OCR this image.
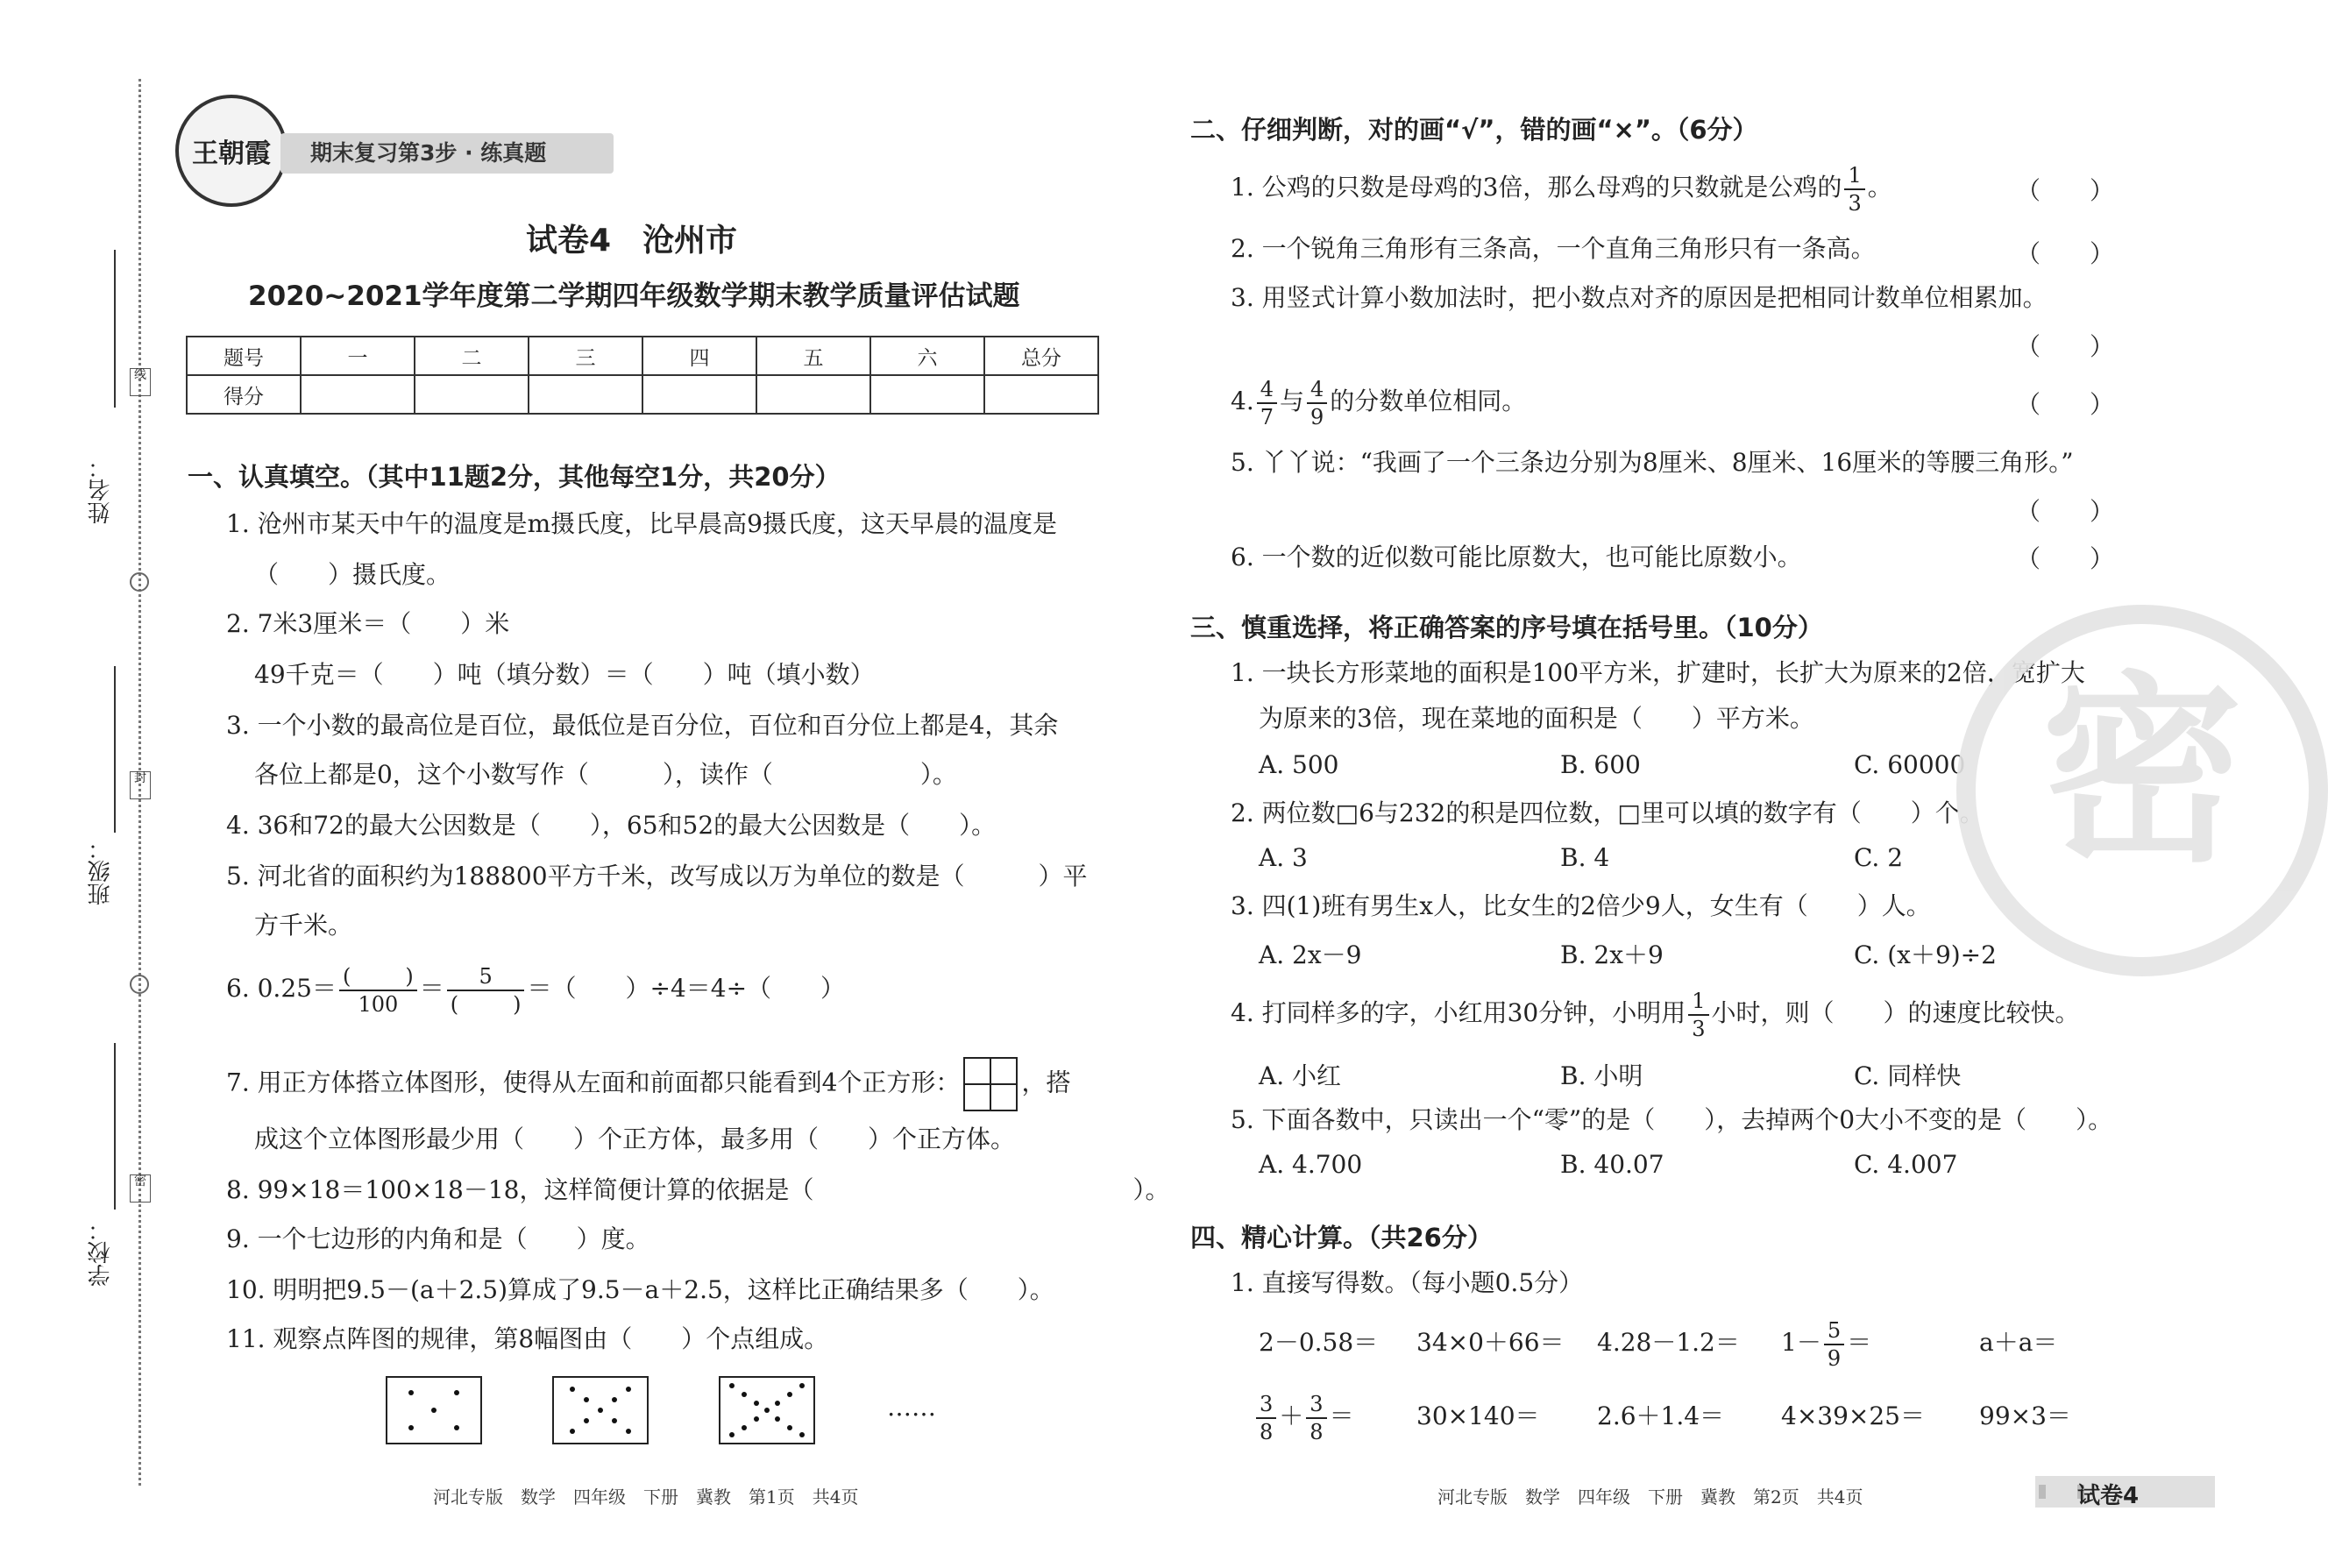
姓名：
班级：
学校：
线
封
密
王朝霞	期末复习第3步 · 练真题
试卷4　沧州市
2020~2021学年度第二学期四年级数学期末教学质量评估试题
题号	一	二	三	四	五	六	总分
得分							
一、认真填空。（其中11题2分，其他每空1分，共20分）
1. 沧州市某天中午的温度是m摄氏度，比早晨高9摄氏度，这天早晨的温度是
（　　）摄氏度。
2. 7米3厘米＝（　　）米
49千克＝（　　）吨（填分数）＝（　　）吨（填小数）
3. 一个小数的最高位是百位，最低位是百分位，百位和百分位上都是4，其余
各位上都是0，这个小数写作（　　　），读作（　　　　　　）。
4. 36和72的最大公因数是（　　），65和52的最大公因数是（　　）。
5. 河北省的面积约为188800平方千米，改写成以万为单位的数是（　　　）平
方千米。
6. 0.25＝ (	)
100 ＝ 5
(	) ＝（　　）÷4＝4÷（　　）
7. 用正方体搭立体图形，使得从左面和前面都只能看到4个正方形：	，搭
成这个立体图形最少用（　　）个正方体，最多用（　　）个正方体。
8. 99×18＝100×18－18，这样简便计算的依据是（　　　　　　　　　　　　　）。
9. 一个七边形的内角和是（　　）度。
10. 明明把9.5－(a＋2.5)算成了9.5－a＋2.5，这样比正确结果多（　　）。
11. 观察点阵图的规律，第8幅图由（　　）个点组成。
……
二、仔细判断，对的画“√”，错的画“×”。（6分）
1. 公鸡的只数是母鸡的3倍，那么母鸡的只数就是公鸡的 $\frac{1}{3}$ 。	（　　）
2. 一个锐角三角形有三条高，一个直角三角形只有一条高。	（　　）
3. 用竖式计算小数加法时，把小数点对齐的原因是把相同计数单位相累加。
（　　）
4. $\frac{4}{7}$ 与 $\frac{4}{9}$ 的分数单位相同。	（　　）
5. 丫丫说：“我画了一个三条边分别为8厘米、8厘米、16厘米的等腰三角形。”
（　　）
6. 一个数的近似数可能比原数大，也可能比原数小。	（　　）
三、慎重选择，将正确答案的序号填在括号里。（10分）
1. 一块长方形菜地的面积是100平方米，扩建时，长扩大为原来的2倍，宽扩大
为原来的3倍，现在菜地的面积是（　　）平方米。
A. 500	B. 600	C. 60000
2. 两位数□6与232的积是四位数，□里可以填的数字有（　　）个。
A. 3	B. 4	C. 2
3. 四(1)班有男生x人，比女生的2倍少9人，女生有（　　）人。
A. 2x－9	B. 2x＋9	C. (x＋9)÷2
4. 打同样多的字，小红用30分钟，小明用 $\frac{1}{3}$ 小时，则（　　）的速度比较快。
A. 小红	B. 小明	C. 同样快
5. 下面各数中，只读出一个“零”的是（　　），去掉两个0大小不变的是（　　）。
A. 4.700	B. 40.07	C. 4.007
四、精心计算。（共26分）
1. 直接写得数。（每小题0.5分）
$2-0.58= 34\times 0+66= 4.28-1.2= 1- \frac{5}{9}$ ＝	a＋a＝
$\frac{3}{8} + \frac{3}{8}$ ＝	30×140＝ 2.6＋1.4＝ 4×39×25＝ 99×3＝
密
河北专版　数学　四年级　下册　冀教　第1页　共4页	河北专版　数学　四年级　下册　冀教　第2页　共4页	试卷4
